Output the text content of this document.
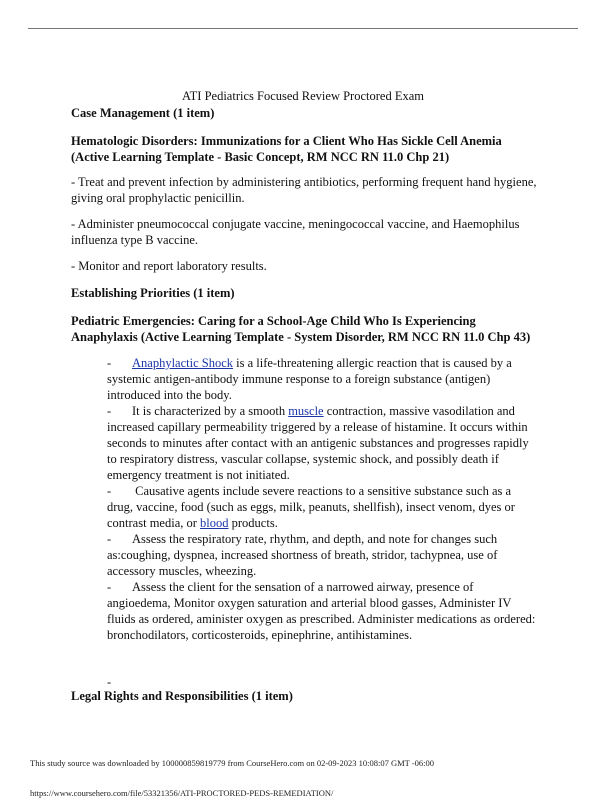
ATI Pediatrics Focused Review Proctored Exam

Case Management (1 item)

Hematologic Disorders: Immunizations for a Client Who Has Sickle Cell Anemia (Active Learning Template - Basic Concept, RM NCC RN 11.0 Chp 21)

- Treat and prevent infection by administering antibiotics, performing frequent hand hygiene, giving oral prophylactic penicillin.

- Administer pneumococcal conjugate vaccine, meningococcal vaccine, and Haemophilus influenza type B vaccine.

- Monitor and report laboratory results.

Establishing Priorities (1 item)

Pediatric Emergencies: Caring for a School-Age Child Who Is Experiencing Anaphylaxis (Active Learning Template - System Disorder, RM NCC RN 11.0 Chp 43)

- Anaphylactic Shock is a life-threatening allergic reaction that is caused by a systemic antigen-antibody immune response to a foreign substance (antigen) introduced into the body.
- It is characterized by a smooth muscle contraction, massive vasodilation and increased capillary permeability triggered by a release of histamine. It occurs within seconds to minutes after contact with an antigenic substances and progresses rapidly to respiratory distress, vascular collapse, systemic shock, and possibly death if emergency treatment is not initiated.
- Causative agents include severe reactions to a sensitive substance such as a drug, vaccine, food (such as eggs, milk, peanuts, shellfish), insect venom, dyes or contrast media, or blood products.
- Assess the respiratory rate, rhythm, and depth, and note for changes such as:coughing, dyspnea, increased shortness of breath, stridor, tachypnea, use of accessory muscles, wheezing.
- Assess the client for the sensation of a narrowed airway, presence of angioedema, Monitor oxygen saturation and arterial blood gasses, Administer IV fluids as ordered, aminister oxygen as prescribed. Administer medications as ordered: bronchodilators, corticosteroids, epinephrine, antihistamines.
-

Legal Rights and Responsibilities (1 item)

This study source was downloaded by 100000859819779 from CourseHero.com on 02-09-2023 10:08:07 GMT -06:00
https://www.coursehero.com/file/53321356/ATI-PROCTORED-PEDS-REMEDIATION/
